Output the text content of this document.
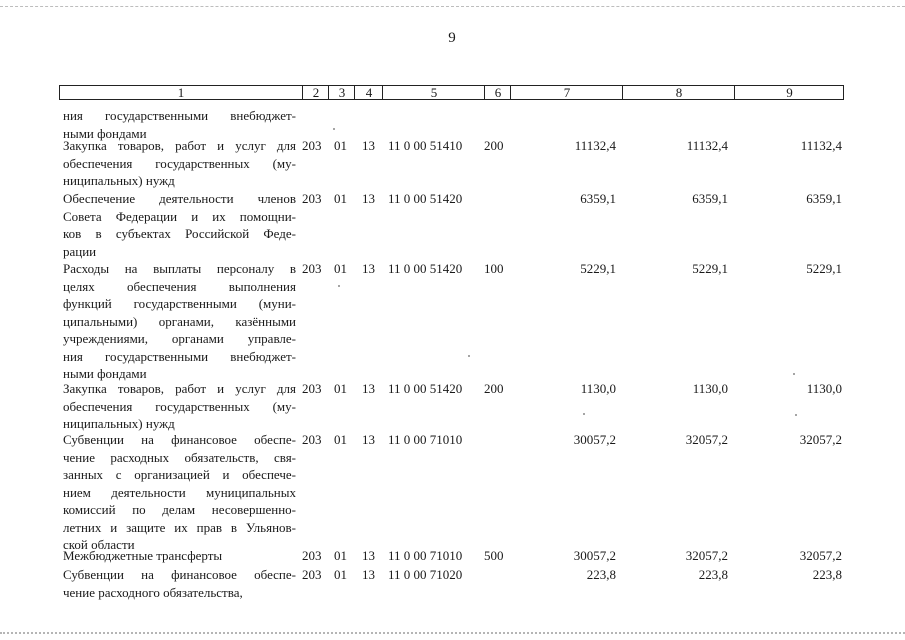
9
1	2	3	4	5	6	7	8	9
ния государственными внебюджет-
ными фондами
Закупка товаров, работ и услуг для
обеспечения государственных (му-
ниципальных) нужд
203 01 13 11 0 00 51410 200	11132,4	11132,4	11132,4
Обеспечение деятельности членов
Совета Федерации и их помощни-
ков в субъектах Российской Феде-
рации
203 01 13 11 0 00 51420	6359,1	6359,1	6359,1
Расходы на выплаты персоналу в
целях обеспечения выполнения
функций государственными (муни-
ципальными) органами, казёнными
учреждениями, органами управле-
ния государственными внебюджет-
ными фондами
203 01 13 11 0 00 51420 100	5229,1	5229,1	5229,1
Закупка товаров, работ и услуг для
обеспечения государственных (му-
ниципальных) нужд
203 01 13 11 0 00 51420 200	1130,0	1130,0	1130,0
Субвенции на финансовое обеспе-
чение расходных обязательств, свя-
занных с организацией и обеспече-
нием деятельности муниципальных
комиссий по делам несовершенно-
летних и защите их прав в Ульянов-
ской области
203 01 13 11 0 00 71010	30057,2	32057,2	32057,2
Межбюджетные трансферты	203 01 13 11 0 00 71010 500	30057,2	32057,2	32057,2
Субвенции на финансовое обеспе-
чение расходного обязательства,
203 01 13 11 0 00 71020	223,8	223,8	223,8
